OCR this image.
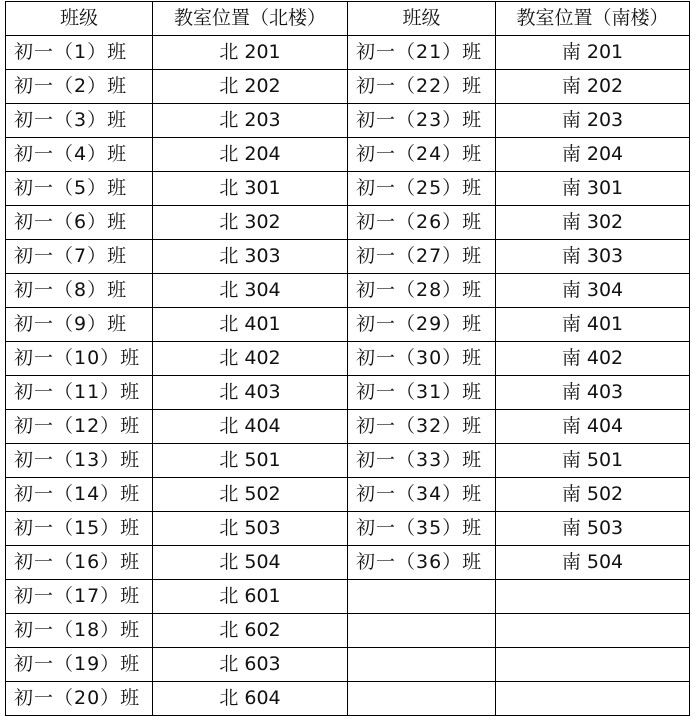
班级	教室位置（北楼）	班级	教室位置（南楼）
初一（1）班	北 201	初一（21）班	南 201
初一（2）班	北 202	初一（22）班	南 202
初一（3）班	北 203	初一（23）班	南 203
初一（4）班	北 204	初一（24）班	南 204
初一（5）班	北 301	初一（25）班	南 301
初一（6）班	北 302	初一（26）班	南 302
初一（7）班	北 303	初一（27）班	南 303
初一（8）班	北 304	初一（28）班	南 304
初一（9）班	北 401	初一（29）班	南 401
初一（10）班	北 402	初一（30）班	南 402
初一（11）班	北 403	初一（31）班	南 403
初一（12）班	北 404	初一（32）班	南 404
初一（13）班	北 501	初一（33）班	南 501
初一（14）班	北 502	初一（34）班	南 502
初一（15）班	北 503	初一（35）班	南 503
初一（16）班	北 504	初一（36）班	南 504
初一（17）班	北 601		
初一（18）班	北 602		
初一（19）班	北 603		
初一（20）班	北 604		
